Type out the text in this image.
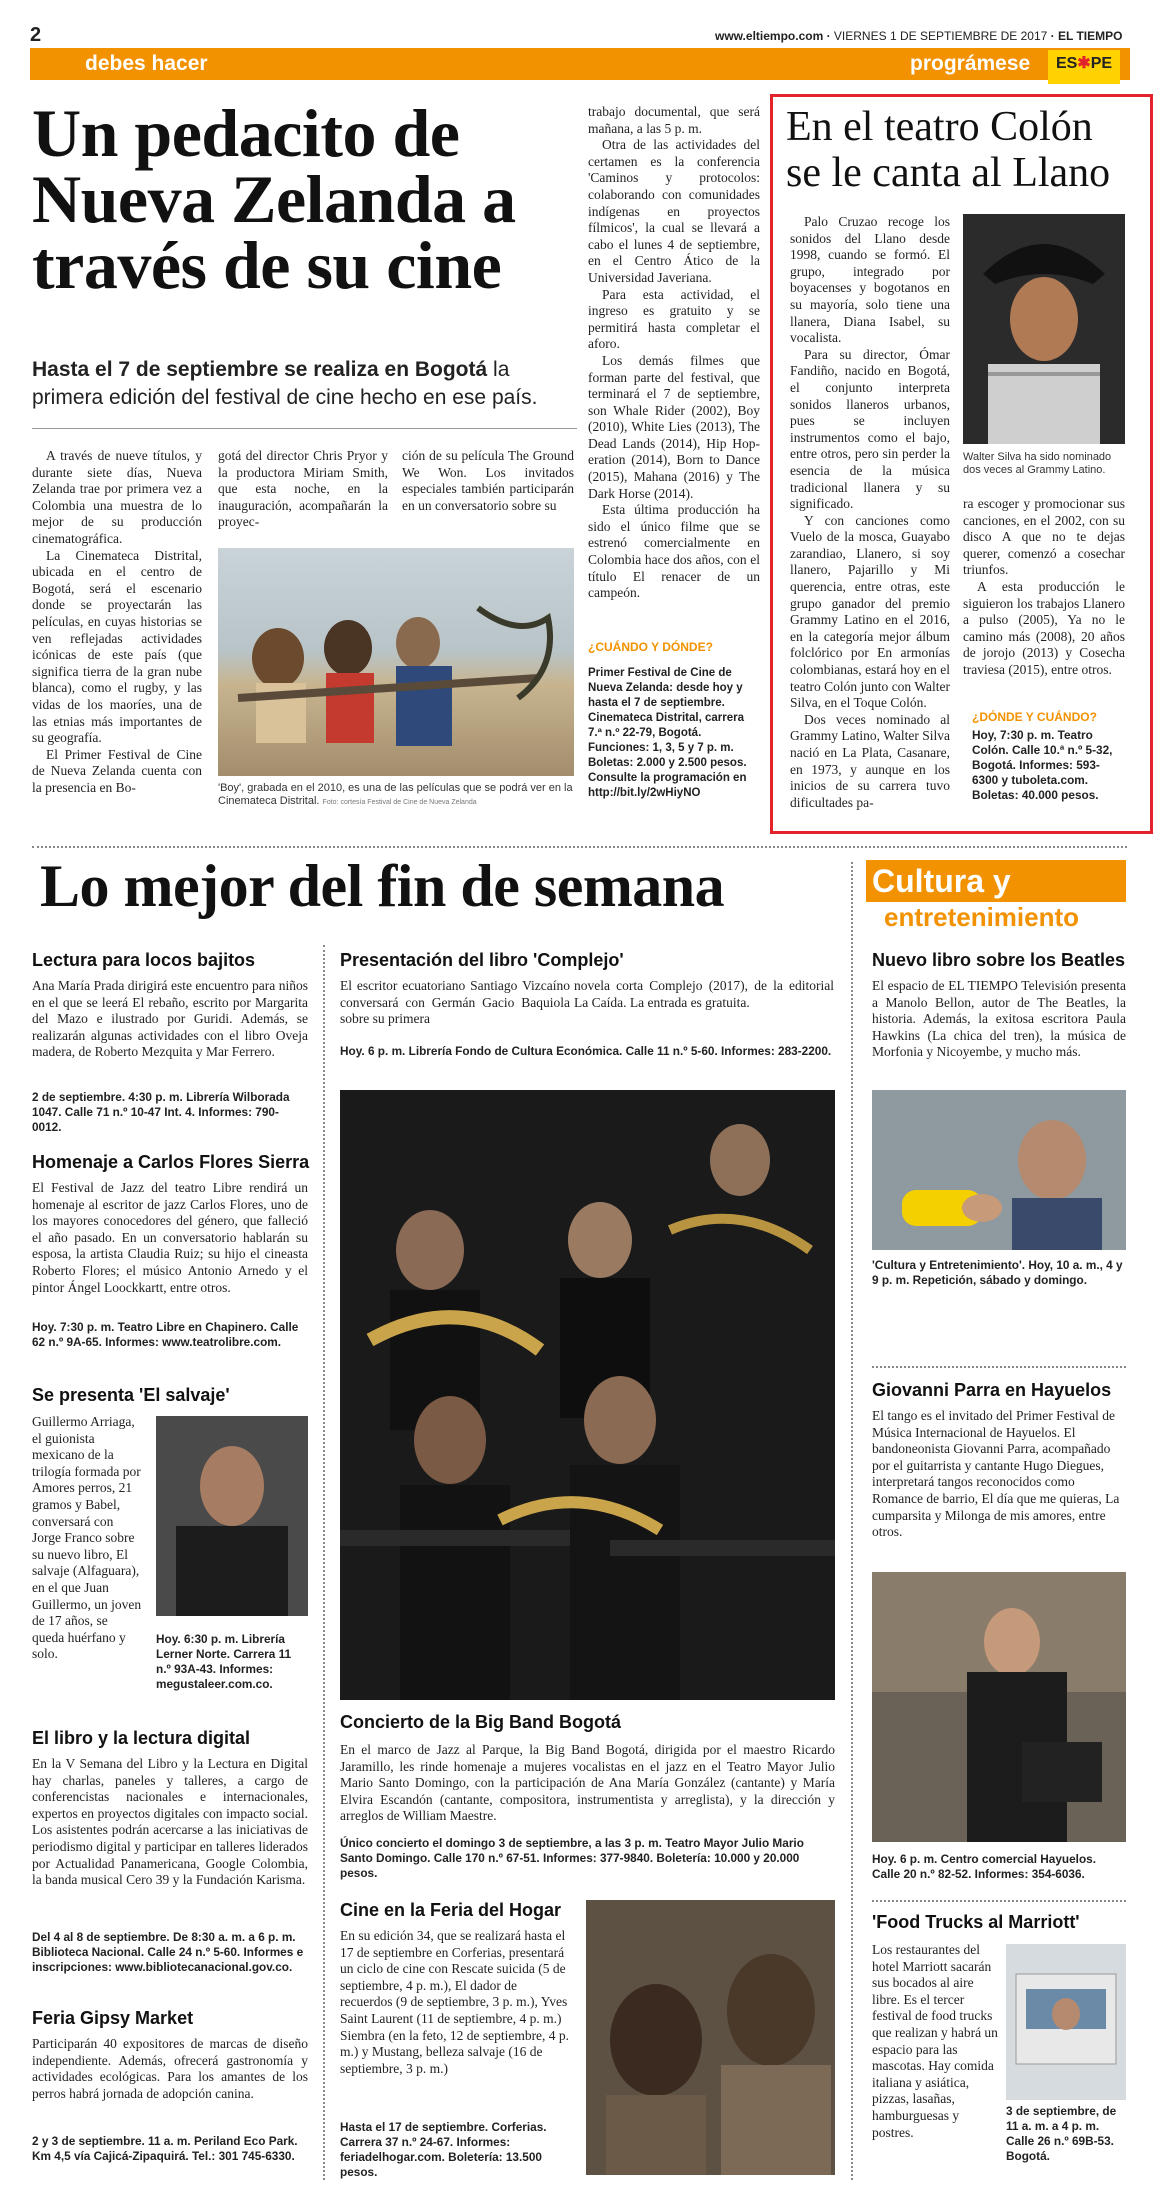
2	www.eltiempo.com · VIERNES 1 DE SEPTIEMBRE DE 2017 · EL TIEMPO
debes hacer	prográmese	ES✱PE
Un pedacito de Nueva Zelanda a través de su cine
Hasta el 7 de septiembre se realiza en Bogotá la primera edición del festival de cine hecho en ese país.

A través de nueve títulos, y durante siete días, Nueva Zelanda trae por primera vez a Colombia una muestra de lo mejor de su producción cinematográfica.

La Cinemateca Distrital, ubicada en el centro de Bogotá, será el escenario donde se proyectarán las películas, en cuyas historias se ven reflejadas actividades icónicas de este país (que significa tierra de la gran nube blanca), como el rugby, y las vidas de los maoríes, una de las etnias más importantes de su geografía.

El Primer Festival de Cine de Nueva Zelanda cuenta con la presencia en Bo-

gotá del director Chris Pryor y la productora Miriam Smith, que esta noche, en la inauguración, acompañarán la proyec-

ción de su película The Ground We Won. Los invitados especiales también participarán en un conversatorio sobre su

'Boy', grabada en el 2010, es una de las películas que se podrá ver en la Cinemateca Distrital. Foto: cortesía Festival de Cine de Nueva Zelanda

trabajo documental, que será mañana, a las 5 p. m.

Otra de las actividades del certamen es la conferencia 'Caminos y protocolos: colaborando con comunidades indígenas en proyectos fílmicos', la cual se llevará a cabo el lunes 4 de septiembre, en el Centro Ático de la Universidad Javeriana.

Para esta actividad, el ingreso es gratuito y se permitirá hasta completar el aforo.

Los demás filmes que forman parte del festival, que terminará el 7 de septiembre, son Whale Rider (2002), Boy (2010), White Lies (2013), The Dead Lands (2014), Hip Hop-eration (2014), Born to Dance (2015), Mahana (2016) y The Dark Horse (2014).

Esta última producción ha sido el único filme que se estrenó comercialmente en Colombia hace dos años, con el título El renacer de un campeón.

¿CUÁNDO Y DÓNDE?
Primer Festival de Cine de Nueva Zelanda: desde hoy y hasta el 7 de septiembre. Cinemateca Distrital, carrera 7.ª n.º 22-79, Bogotá. Funciones: 1, 3, 5 y 7 p. m. Boletas: 2.000 y 2.500 pesos. Consulte la programación en http://bit.ly/2wHiyNO
En el teatro Colón se le canta al Llano

Palo Cruzao recoge los sonidos del Llano desde 1998, cuando se formó. El grupo, integrado por boyacenses y bogotanos en su mayoría, solo tiene una llanera, Diana Isabel, su vocalista.

Para su director, Ómar Fandiño, nacido en Bogotá, el conjunto interpreta sonidos llaneros urbanos, pues se incluyen instrumentos como el bajo, entre otros, pero sin perder la esencia de la música tradicional llanera y su significado.

Y con canciones como Vuelo de la mosca, Guayabo zarandiao, Llanero, si soy llanero, Pajarillo y Mi querencia, entre otras, este grupo ganador del premio Grammy Latino en el 2016, en la categoría mejor álbum folclórico por En armonías colombianas, estará hoy en el teatro Colón junto con Walter Silva, en el Toque Colón.

Dos veces nominado al Grammy Latino, Walter Silva nació en La Plata, Casanare, en 1973, y aunque en los inicios de su carrera tuvo dificultades pa-

Walter Silva ha sido nominado dos veces al Grammy Latino.

ra escoger y promocionar sus canciones, en el 2002, con su disco A que no te dejas querer, comenzó a cosechar triunfos.

A esta producción le siguieron los trabajos Llanero a pulso (2005), Ya no le camino más (2008), 20 años de jorojo (2013) y Cosecha traviesa (2015), entre otros.

¿DÓNDE Y CUÁNDO?
Hoy, 7:30 p. m. Teatro Colón. Calle 10.ª n.º 5-32, Bogotá. Informes: 593-6300 y tuboleta.com. Boletas: 40.000 pesos.
Lo mejor del fin de semana
Lectura para locos bajitos
Ana María Prada dirigirá este encuentro para niños en el que se leerá El rebaño, escrito por Margarita del Mazo e ilustrado por Guridi. Además, se realizarán algunas actividades con el libro Oveja madera, de Roberto Mezquita y Mar Ferrero.
2 de septiembre. 4:30 p. m. Librería Wilborada 1047. Calle 71 n.º 10-47 Int. 4. Informes: 790-0012.
Homenaje a Carlos Flores Sierra
El Festival de Jazz del teatro Libre rendirá un homenaje al escritor de jazz Carlos Flores, uno de los mayores conocedores del género, que falleció el año pasado. En un conversatorio hablarán su esposa, la artista Claudia Ruiz; su hijo el cineasta Roberto Flores; el músico Antonio Arnedo y el pintor Ángel Loockkartt, entre otros.
Hoy. 7:30 p. m. Teatro Libre en Chapinero. Calle 62 n.º 9A-65. Informes: www.teatrolibre.com.
Se presenta 'El salvaje'
Guillermo Arriaga, el guionista mexicano de la trilogía formada por Amores perros, 21 gramos y Babel, conversará con Jorge Franco sobre su nuevo libro, El salvaje (Alfaguara), en el que Juan Guillermo, un joven de 17 años, se queda huérfano y solo.
Hoy. 6:30 p. m. Librería Lerner Norte. Carrera 11 n.º 93A-43. Informes: megustaleer.com.co.
El libro y la lectura digital
En la V Semana del Libro y la Lectura en Digital hay charlas, paneles y talleres, a cargo de conferencistas nacionales e internacionales, expertos en proyectos digitales con impacto social. Los asistentes podrán acercarse a las iniciativas de periodismo digital y participar en talleres liderados por Actualidad Panamericana, Google Colombia, la banda musical Cero 39 y la Fundación Karisma.
Del 4 al 8 de septiembre. De 8:30 a. m. a 6 p. m. Biblioteca Nacional. Calle 24 n.º 5-60. Informes e inscripciones: www.bibliotecanacional.gov.co.
Feria Gipsy Market
Participarán 40 expositores de marcas de diseño independiente. Además, ofrecerá gastronomía y actividades ecológicas. Para los amantes de los perros habrá jornada de adopción canina.
2 y 3 de septiembre. 11 a. m. Periland Eco Park. Km 4,5 vía Cajicá-Zipaquirá. Tel.: 301 745-6330.
Presentación del libro 'Complejo'
El escritor ecuatoriano Santiago Vizcaíno conversará con Germán Gacio Baquiola sobre su primera
novela corta Complejo (2017), de la editorial La Caída. La entrada es gratuita.
Hoy. 6 p. m. Librería Fondo de Cultura Económica. Calle 11 n.º 5-60. Informes: 283-2200.
Concierto de la Big Band Bogotá
En el marco de Jazz al Parque, la Big Band Bogotá, dirigida por el maestro Ricardo Jaramillo, les rinde homenaje a mujeres vocalistas en el jazz en el Teatro Mayor Julio Mario Santo Domingo, con la participación de Ana María González (cantante) y María Elvira Escandón (cantante, compositora, instrumentista y arreglista), y la dirección y arreglos de William Maestre.
Único concierto el domingo 3 de septiembre, a las 3 p. m. Teatro Mayor Julio Mario Santo Domingo. Calle 170 n.º 67-51. Informes: 377-9840. Boletería: 10.000 y 20.000 pesos.
Cine en la Feria del Hogar
En su edición 34, que se realizará hasta el 17 de septiembre en Corferias, presentará un ciclo de cine con Rescate suicida (5 de septiembre, 4 p. m.), El dador de recuerdos (9 de septiembre, 3 p. m.), Yves Saint Laurent (11 de septiembre, 4 p. m.) Siembra (en la feto, 12 de septiembre, 4 p. m.) y Mustang, belleza salvaje (16 de septiembre, 3 p. m.)
Hasta el 17 de septiembre. Corferias. Carrera 37 n.º 24-67. Informes: feriadelhogar.com. Boletería: 13.500 pesos.
Cultura y
entretenimiento
Nuevo libro sobre los Beatles
El espacio de EL TIEMPO Televisión presenta a Manolo Bellon, autor de The Beatles, la historia. Además, la exitosa escritora Paula Hawkins (La chica del tren), la música de Morfonia y Nicoyembe, y mucho más.
'Cultura y Entretenimiento'. Hoy, 10 a. m., 4 y 9 p. m. Repetición, sábado y domingo.
Giovanni Parra en Hayuelos
El tango es el invitado del Primer Festival de Música Internacional de Hayuelos. El bandoneonista Giovanni Parra, acompañado por el guitarrista y cantante Hugo Diegues, interpretará tangos reconocidos como Romance de barrio, El día que me quieras, La cumparsita y Milonga de mis amores, entre otros.
Hoy. 6 p. m. Centro comercial Hayuelos. Calle 20 n.º 82-52. Informes: 354-6036.
'Food Trucks al Marriott'
Los restaurantes del hotel Marriott sacarán sus bocados al aire libre. Es el tercer festival de food trucks que realizan y habrá un espacio para las mascotas. Hay comida italiana y asiática, pizzas, lasañas, hamburguesas y postres.
3 de septiembre, de 11 a. m. a 4 p. m. Calle 26 n.º 69B-53. Bogotá.
